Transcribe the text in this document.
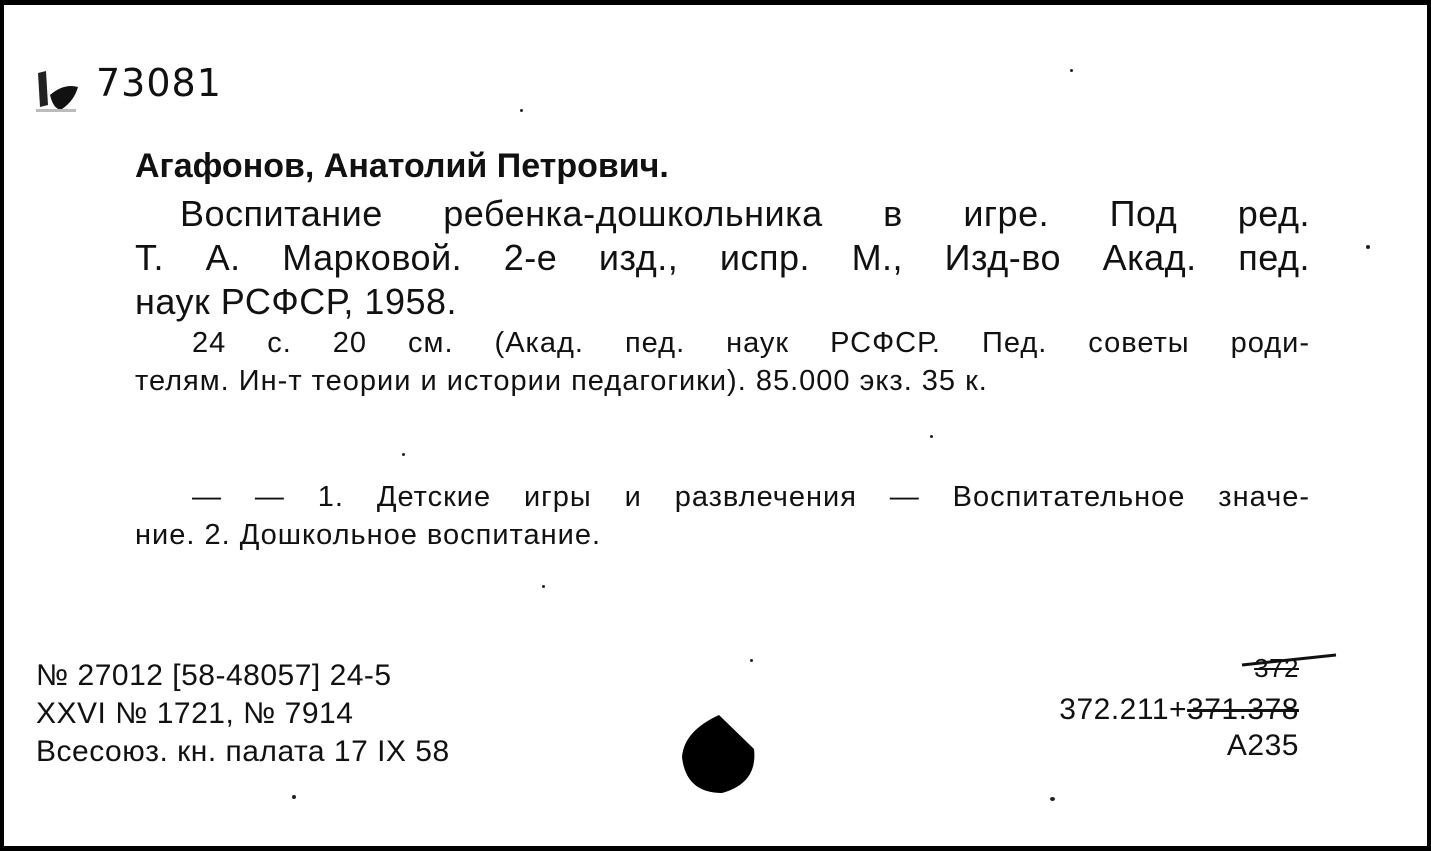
73081
Агафонов, Анатолий Петрович.
Воспитание ребенка-дошкольника в игре. Под ред.
Т. А. Марковой. 2-е изд., испр. М., Изд-во Акад. пед.
наук РСФСР, 1958.
24 с. 20 см. (Акад. пед. наук РСФСР. Пед. советы роди-
телям. Ин-т теории и истории педагогики). 85.000 экз. 35 к.
— — 1. Детские игры и развлечения — Воспитательное значе-
ние. 2. Дошкольное воспитание.
№ 27012 [58-48057] 24-5
XXVI № 1721, № 7914
Всесоюз. кн. палата 17 IX 58
372
372.211+371.378
А235
